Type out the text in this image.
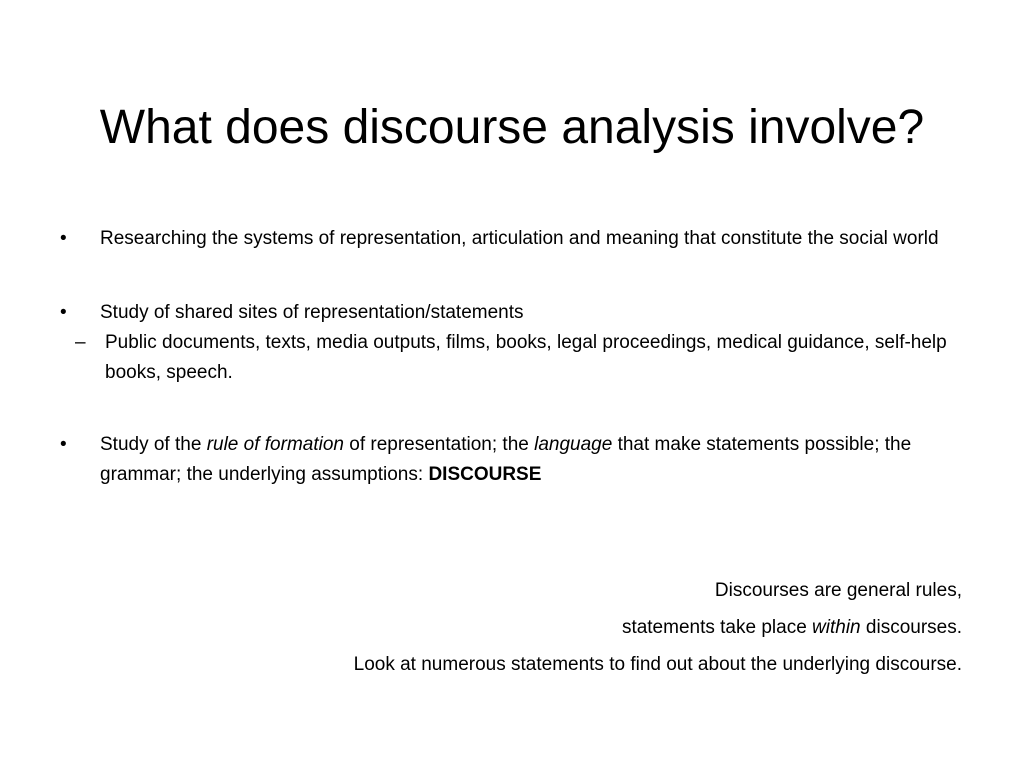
What does discourse analysis involve?
•	Researching the systems of representation, articulation and meaning that constitute the social world
•	Study of shared sites of representation/statements
– Public documents, texts, media outputs, films, books, legal proceedings, medical guidance, self-help books, speech.
•	Study of the rule of formation of representation; the language that make statements possible; the grammar; the underlying assumptions: DISCOURSE
Discourses are general rules,
statements take place within discourses.
Look at numerous statements to find out about the underlying discourse.
